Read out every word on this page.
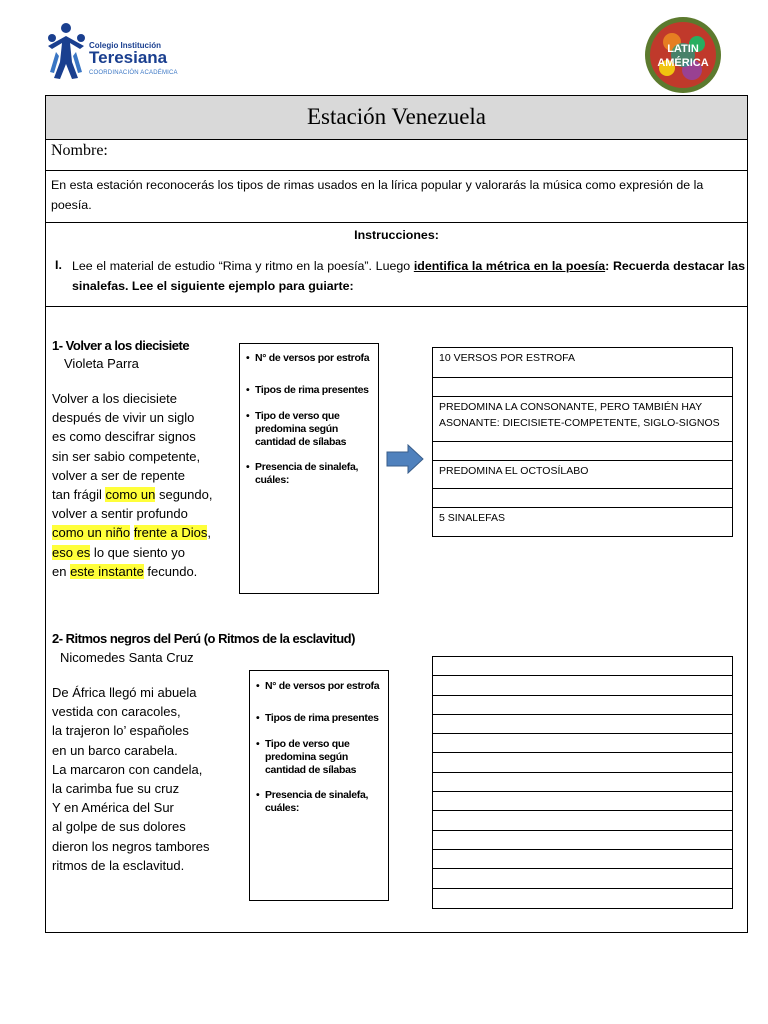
Colegio Institución
Teresiana
COORDINACIÓN ACADÉMICA
LATIN
AMÉRICA
Estación Venezuela
Nombre:

En esta estación reconocerás los tipos de rimas usados en la lírica popular y valorarás la música como expresión de la poesía.

Instrucciones:
I. Lee el material de estudio “Rima y ritmo en la poesía”. Luego identifica la métrica en la poesía: Recuerda destacar las sinalefas. Lee el siguiente ejemplo para guiarte:
1- Volver a los diecisiete
Violeta Parra
Volver a los diecisiete
después de vivir un siglo
es como descifrar signos
sin ser sabio competente,
volver a ser de repente
tan frágil como un segundo,
volver a sentir profundo
como un niño frente a Dios,
eso es lo que siento yo
en este instante fecundo.
• N° de versos por estrofa
• Tipos de rima presentes
• Tipo de verso que predomina según cantidad de sílabas
• Presencia de sinalefa, cuáles:
10 VERSOS POR ESTROFA
PREDOMINA LA CONSONANTE, PERO TAMBIÉN HAY ASONANTE: DIECISIETE-COMPETENTE, SIGLO-SIGNOS
PREDOMINA EL OCTOSÍLABO
5 SINALEFAS
2- Ritmos negros del Perú (o Ritmos de la esclavitud)
Nicomedes Santa Cruz
De África llegó mi abuela
vestida con caracoles,
la trajeron lo’ españoles
en un barco carabela.
La marcaron con candela,
la carimba fue su cruz
Y en América del Sur
al golpe de sus dolores
dieron los negros tambores
ritmos de la esclavitud.
• N° de versos por estrofa
• Tipos de rima presentes
• Tipo de verso que predomina según cantidad de sílabas
• Presencia de sinalefa, cuáles:
